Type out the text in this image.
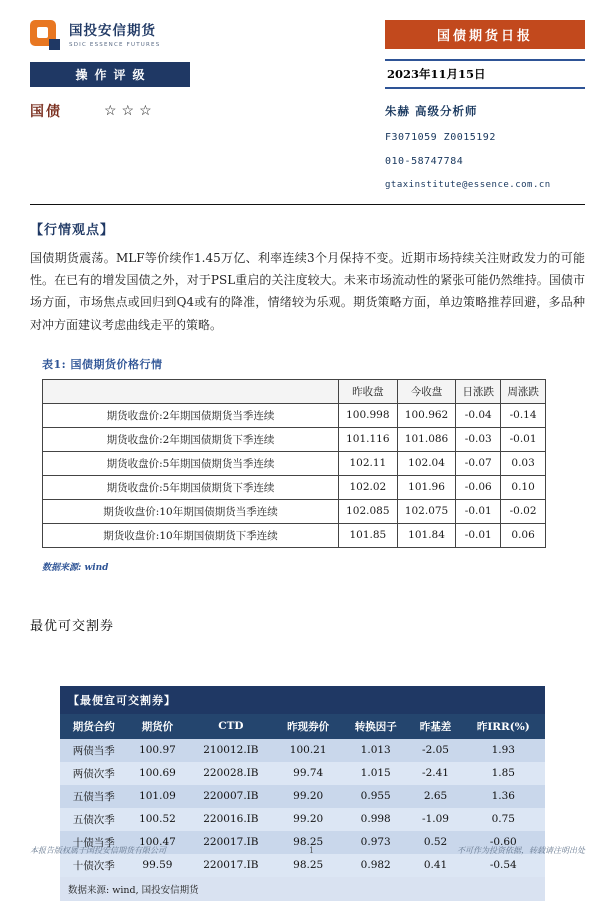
国投安信期货
SDIC ESSENCE FUTURES
操作评级
国债	☆☆☆
国债期货日报
2023年11月15日
朱赫 高级分析师
F3071059 Z0015192
010-58747784
gtaxinstitute@essence.com.cn
【行情观点】

国债期货震荡。MLF等价续作1.45万亿、利率连续3个月保持不变。近期市场持续关注财政发力的可能性。在已有的增发国债之外，对于PSL重启的关注度较大。未来市场流动性的紧张可能仍然维持。国债市场方面，市场焦点或回归到Q4或有的降准，情绪较为乐观。期货策略方面，单边策略推荐回避，多品种对冲方面建议考虑曲线走平的策略。

表1: 国债期货价格行情
	昨收盘	今收盘	日涨跌	周涨跌
期货收盘价:2年期国债期货当季连续	100.998	100.962	-0.04	-0.14
期货收盘价:2年期国债期货下季连续	101.116	101.086	-0.03	-0.01
期货收盘价:5年期国债期货当季连续	102.11	102.04	-0.07	0.03
期货收盘价:5年期国债期货下季连续	102.02	101.96	-0.06	0.10
期货收盘价:10年期国债期货当季连续	102.085	102.075	-0.01	-0.02
期货收盘价:10年期国债期货下季连续	101.85	101.84	-0.01	0.06
数据来源: wind
最优可交割券
【最便宜可交割券】
期货合约	期货价	CTD	昨现券价	转换因子	昨基差	昨IRR(%)
两债当季	100.97	210012.IB	100.21	1.013	-2.05	1.93
两债次季	100.69	220028.IB	99.74	1.015	-2.41	1.85
五债当季	101.09	220007.IB	99.20	0.955	2.65	1.36
五债次季	100.52	220016.IB	99.20	0.998	-1.09	0.75
十债当季	100.47	220017.IB	98.25	0.973	0.52	-0.60
十债次季	99.59	220017.IB	98.25	0.982	0.41	-0.54
数据来源: wind, 国投安信期货
本报告版权属于国投安信期货有限公司	1	不可作为投资依据，转载请注明出处
